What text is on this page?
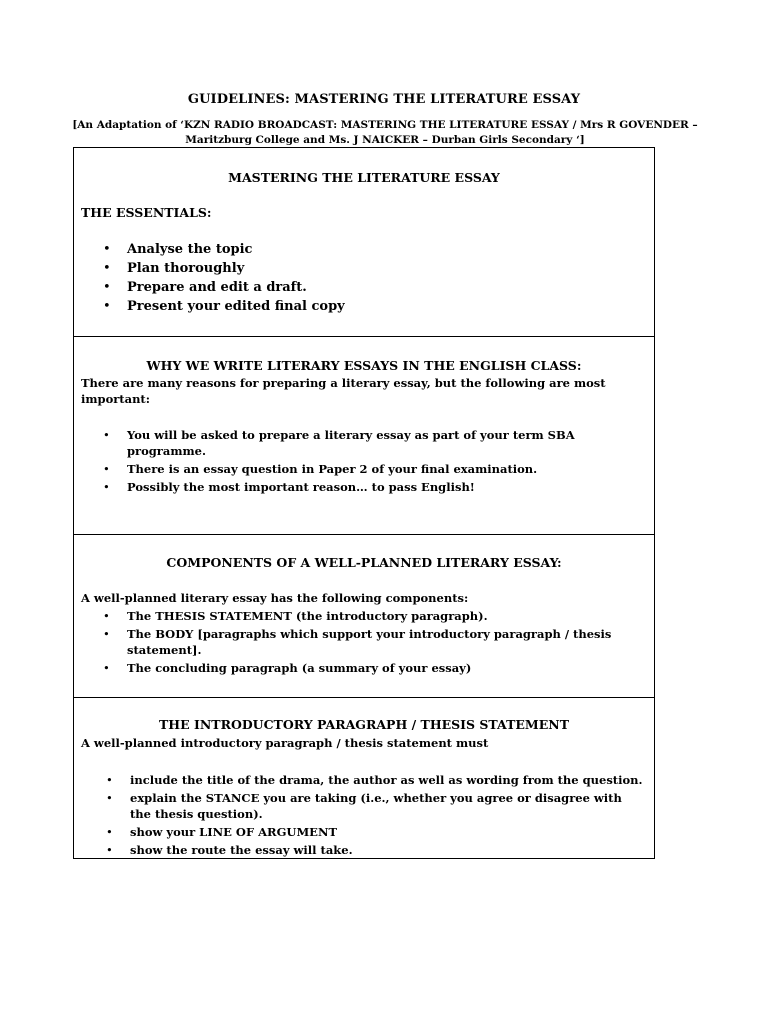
GUIDELINES: MASTERING THE LITERATURE ESSAY
[An Adaptation of ‘KZN RADIO BROADCAST: MASTERING THE LITERATURE ESSAY / Mrs R GOVENDER –
Maritzburg College and Ms. J NAICKER – Durban Girls Secondary ‘]
MASTERING THE LITERATURE ESSAY
THE ESSENTIALS:
• Analyse the topic
• Plan thoroughly
• Prepare and edit a draft.
• Present your edited final copy
WHY WE WRITE LITERARY ESSAYS IN THE ENGLISH CLASS:
There are many reasons for preparing a literary essay, but the following are most important:
• You will be asked to prepare a literary essay as part of your term SBA programme.
• There is an essay question in Paper 2 of your final examination.
• Possibly the most important reason… to pass English!
COMPONENTS OF A WELL-PLANNED LITERARY ESSAY:
A well-planned literary essay has the following components:
• The THESIS STATEMENT (the introductory paragraph).
• The BODY [paragraphs which support your introductory paragraph / thesis statement].
• The concluding paragraph (a summary of your essay)
THE INTRODUCTORY PARAGRAPH / THESIS STATEMENT
A well-planned introductory paragraph / thesis statement must
• include the title of the drama, the author as well as wording from the question.
• explain the STANCE you are taking (i.e., whether you agree or disagree with the thesis question).
• show your LINE OF ARGUMENT
• show the route the essay will take.
